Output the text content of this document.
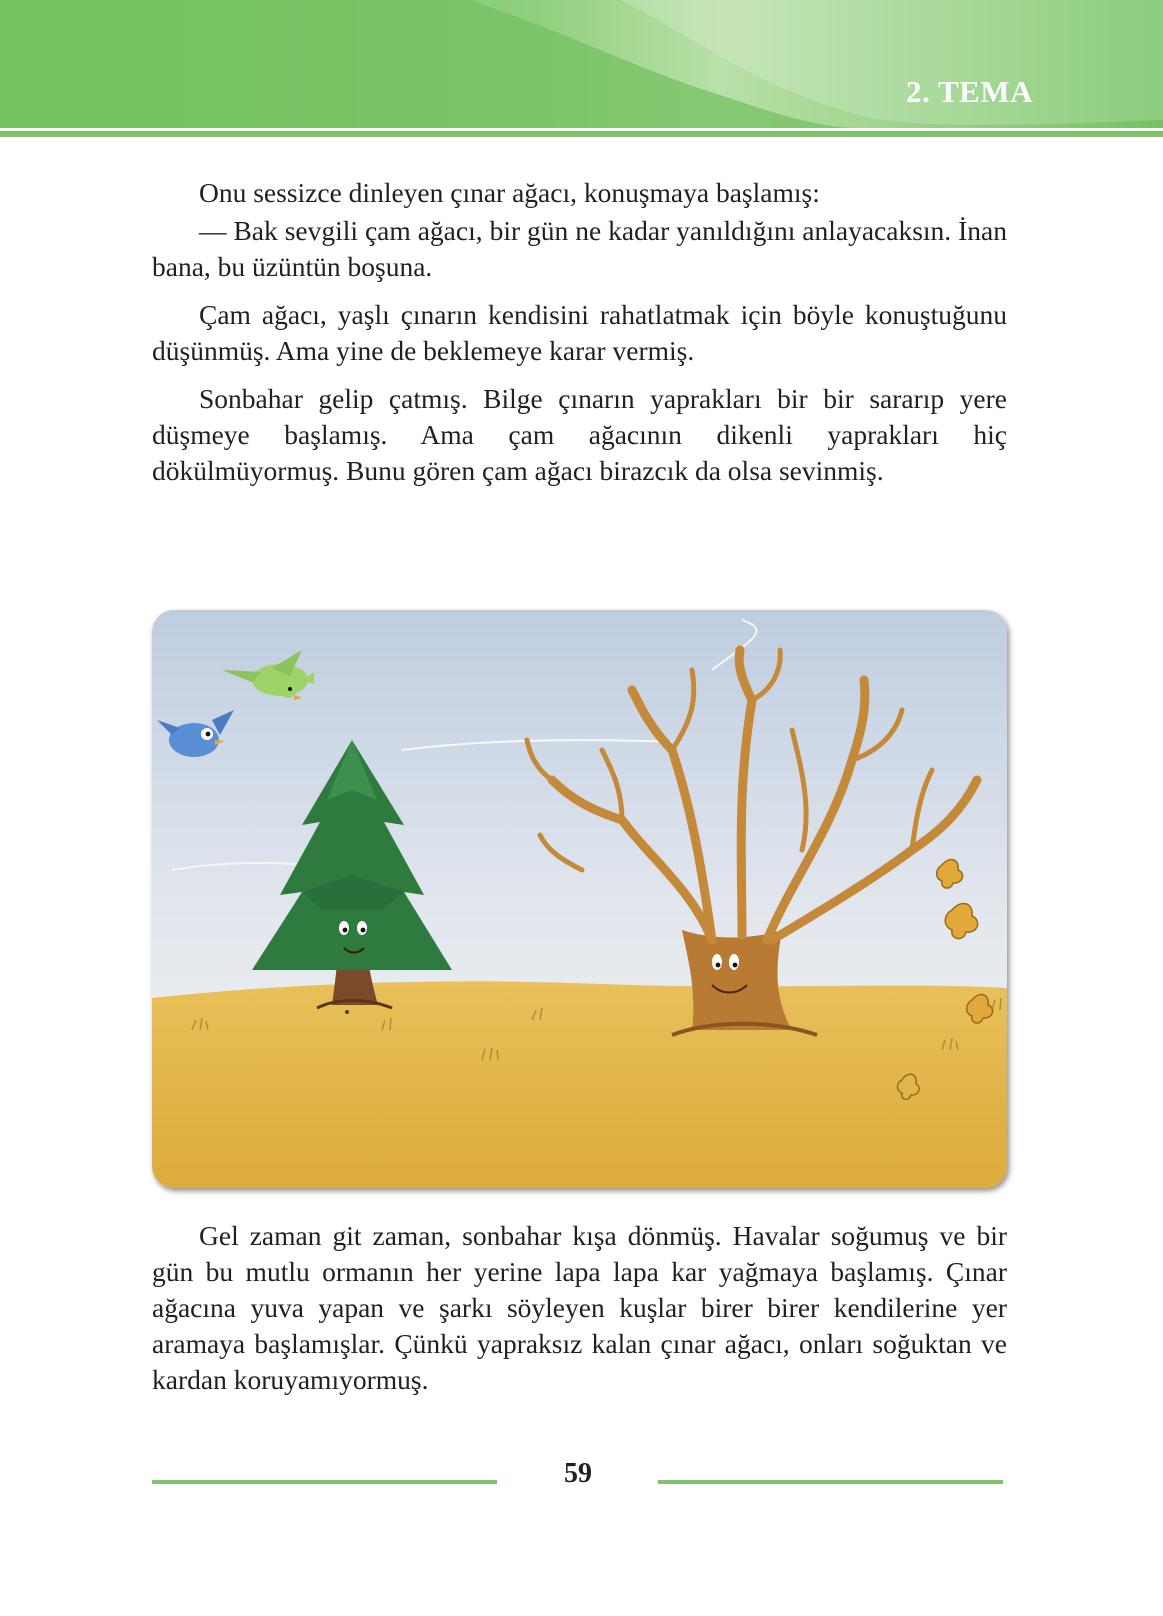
2. TEMA

Onu sessizce dinleyen çınar ağacı, konuşmaya başlamış:

— Bak sevgili çam ağacı, bir gün ne kadar yanıldığını anlayacaksın. İnan bana, bu üzüntün boşuna.

Çam ağacı, yaşlı çınarın kendisini rahatlatmak için böyle konuştuğunu düşünmüş. Ama yine de beklemeye karar vermiş.

Sonbahar gelip çatmış. Bilge çınarın yaprakları bir bir sararıp yere düşmeye başlamış. Ama çam ağacının dikenli yaprakları hiç dökülmüyormuş. Bunu gören çam ağacı birazcık da olsa sevinmiş.

Gel zaman git zaman, sonbahar kışa dönmüş. Havalar soğumuş ve bir gün bu mutlu ormanın her yerine lapa lapa kar yağmaya başlamış. Çınar ağacına yuva yapan ve şarkı söyleyen kuşlar birer birer kendilerine yer aramaya başlamışlar. Çünkü yapraksız kalan çınar ağacı, onları soğuktan ve kardan koruyamıyormuş.

59
